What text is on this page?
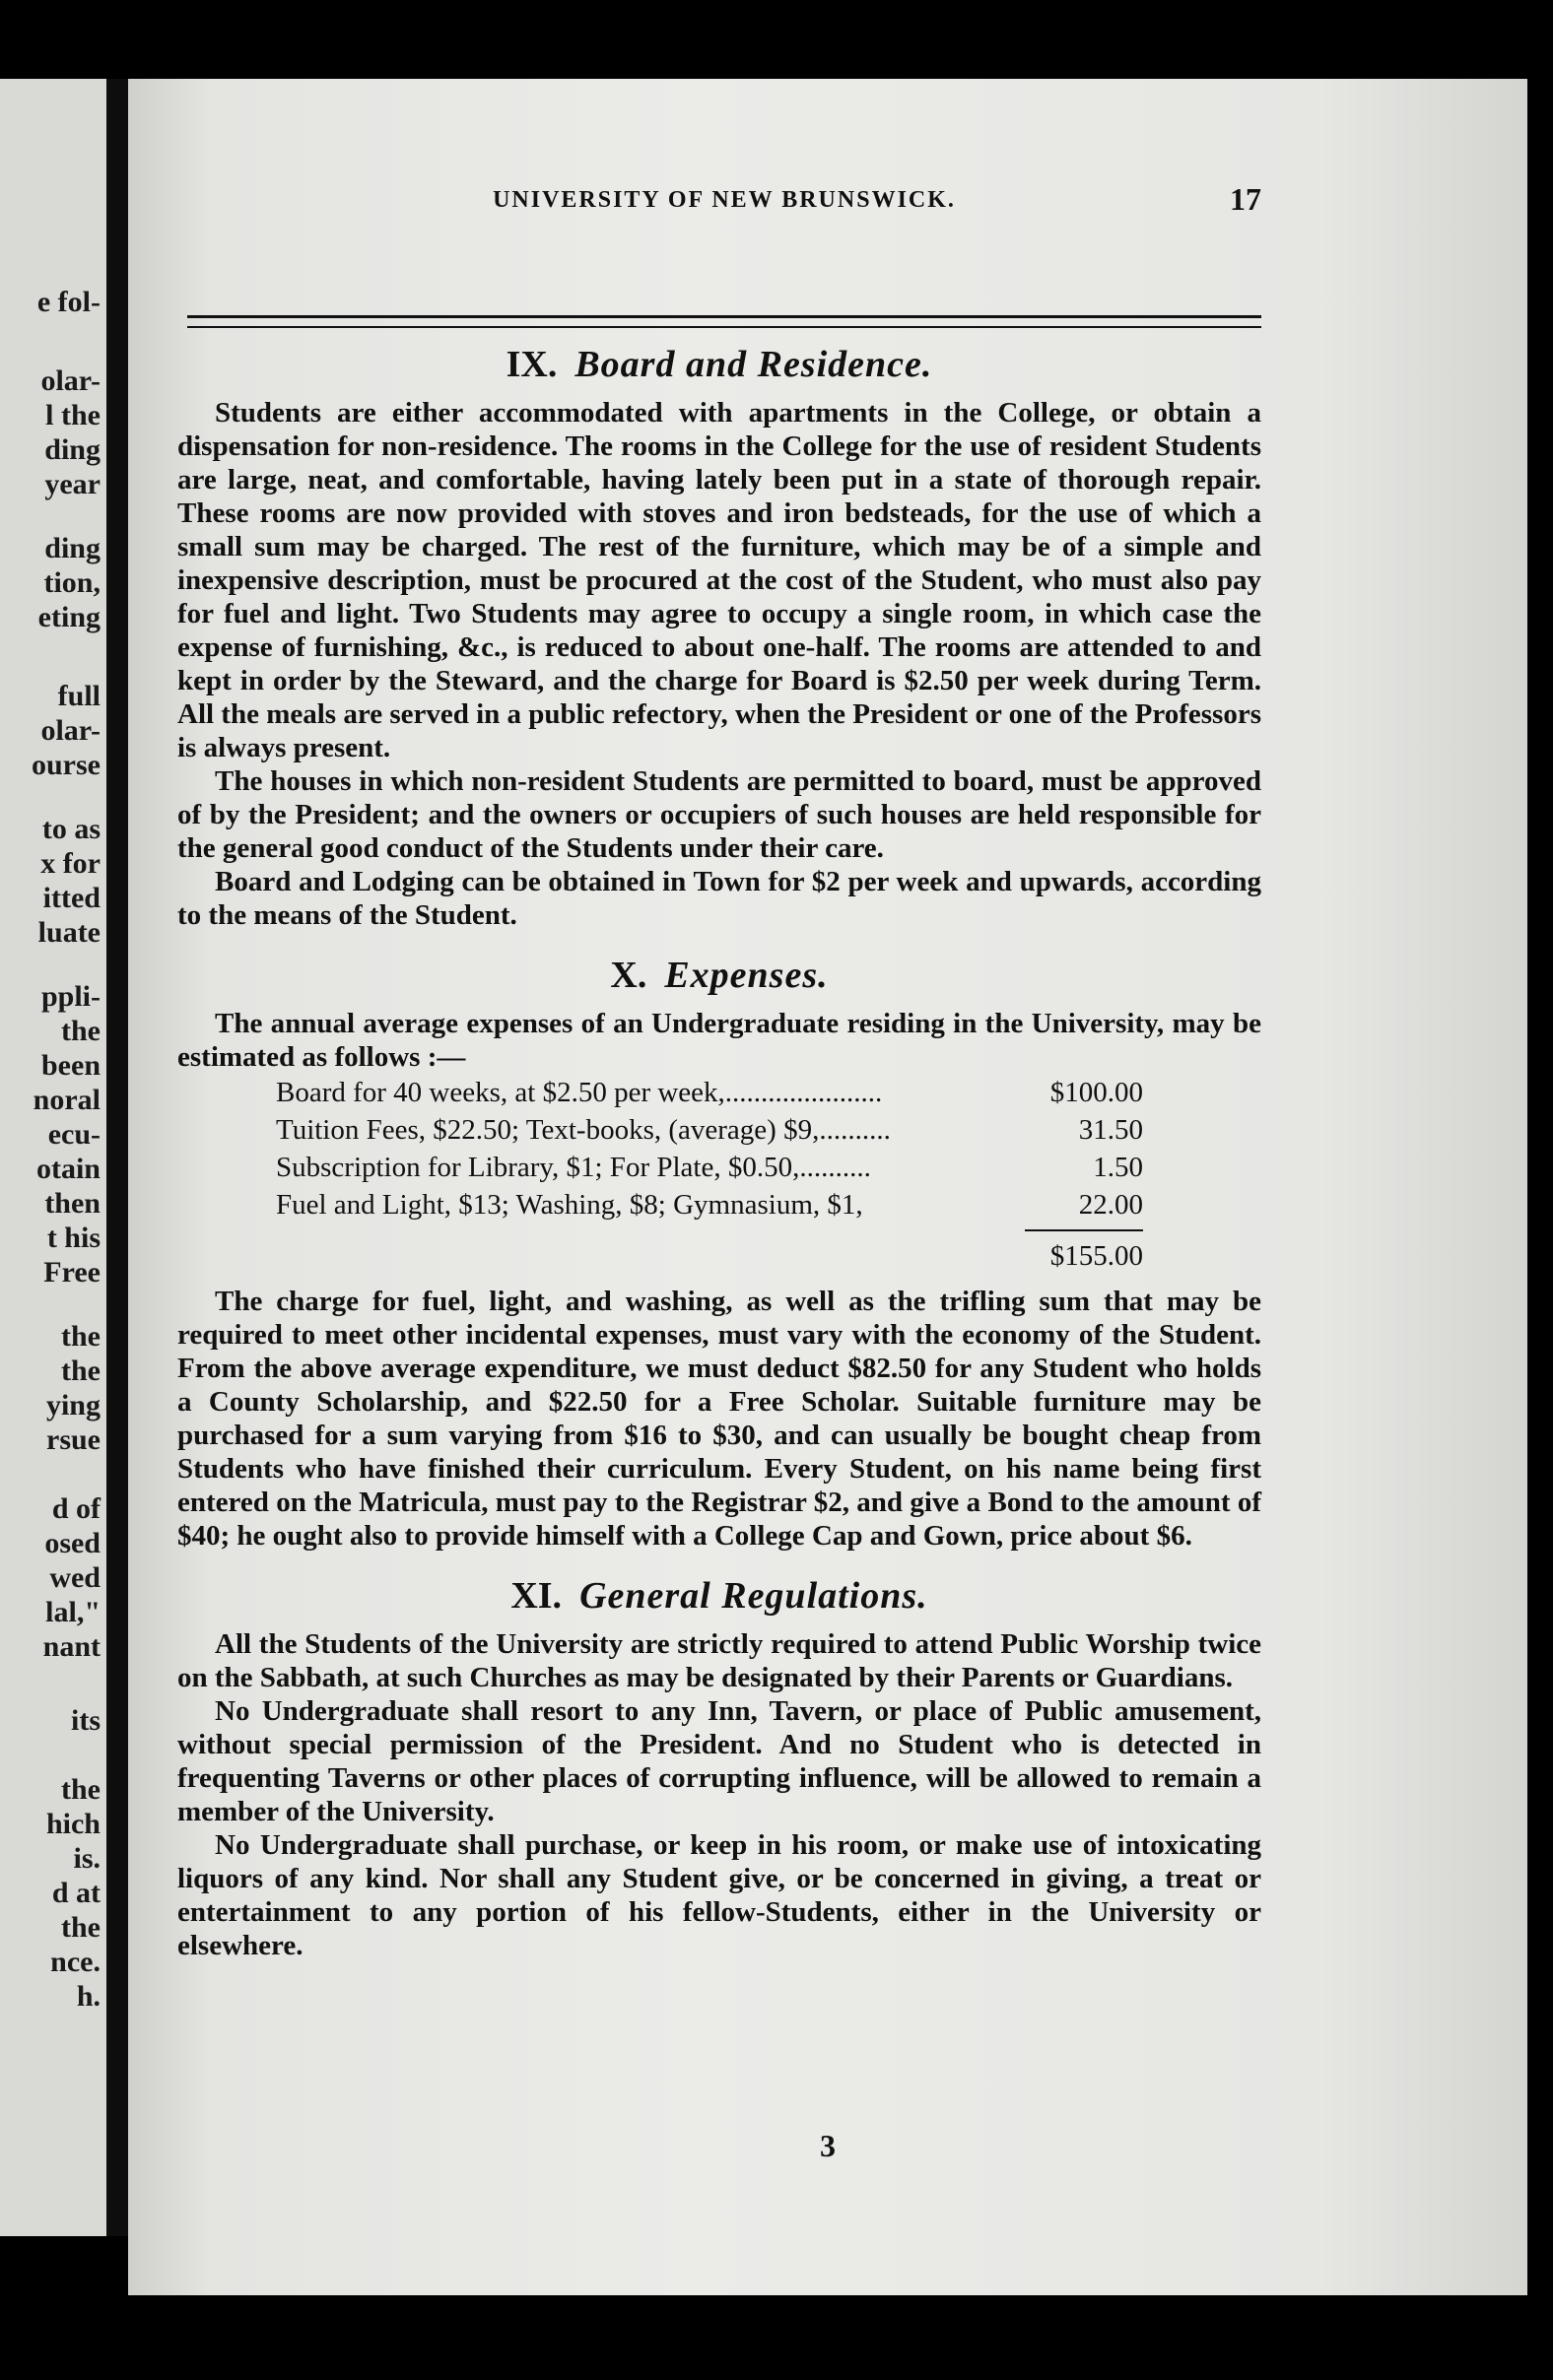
e fol-
olar-
l the
ding
year
ding
tion,
eting
full
olar-
ourse
to as
x for
itted
luate
ppli-
the
been
noral
ecu-
otain
then
t his
Free
the
the
ying
rsue
d of
osed
wed
lal,"
nant
its
the
hich
is.
d at
the
nce.
h.
UNIVERSITY OF NEW BRUNSWICK.	17
IX. Board and Residence.

Students are either accommodated with apartments in the College, or obtain a dispensation for non-residence. The rooms in the College for the use of resident Students are large, neat, and comfortable, having lately been put in a state of thorough repair. These rooms are now provided with stoves and iron bedsteads, for the use of which a small sum may be charged. The rest of the furniture, which may be of a simple and inexpensive description, must be procured at the cost of the Student, who must also pay for fuel and light. Two Students may agree to occupy a single room, in which case the expense of furnishing, &c., is reduced to about one-half. The rooms are attended to and kept in order by the Steward, and the charge for Board is $2.50 per week during Term. All the meals are served in a public refectory, when the President or one of the Professors is always present.

The houses in which non-resident Students are permitted to board, must be approved of by the President; and the owners or occupiers of such houses are held responsible for the general good conduct of the Students under their care.

Board and Lodging can be obtained in Town for $2 per week and upwards, according to the means of the Student.

X. Expenses.

The annual average expenses of an Undergraduate residing in the University, may be estimated as follows :—

Board for 40 weeks, at $2.50 per week,......................	$100.00
Tuition Fees, $22.50; Text-books, (average) $9,..........	31.50
Subscription for Library, $1; For Plate, $0.50,..........	1.50
Fuel and Light, $13; Washing, $8; Gymnasium, $1,	22.00
$155.00

The charge for fuel, light, and washing, as well as the trifling sum that may be required to meet other incidental expenses, must vary with the economy of the Student. From the above average expenditure, we must deduct $82.50 for any Student who holds a County Scholarship, and $22.50 for a Free Scholar. Suitable furniture may be purchased for a sum varying from $16 to $30, and can usually be bought cheap from Students who have finished their curriculum. Every Student, on his name being first entered on the Matricula, must pay to the Registrar $2, and give a Bond to the amount of $40; he ought also to provide himself with a College Cap and Gown, price about $6.

XI. General Regulations.

All the Students of the University are strictly required to attend Public Worship twice on the Sabbath, at such Churches as may be designated by their Parents or Guardians.

No Undergraduate shall resort to any Inn, Tavern, or place of Public amusement, without special permission of the President. And no Student who is detected in frequenting Taverns or other places of corrupting influence, will be allowed to remain a member of the University.

No Undergraduate shall purchase, or keep in his room, or make use of intoxicating liquors of any kind. Nor shall any Student give, or be concerned in giving, a treat or entertainment to any portion of his fellow-Students, either in the University or elsewhere.

3
